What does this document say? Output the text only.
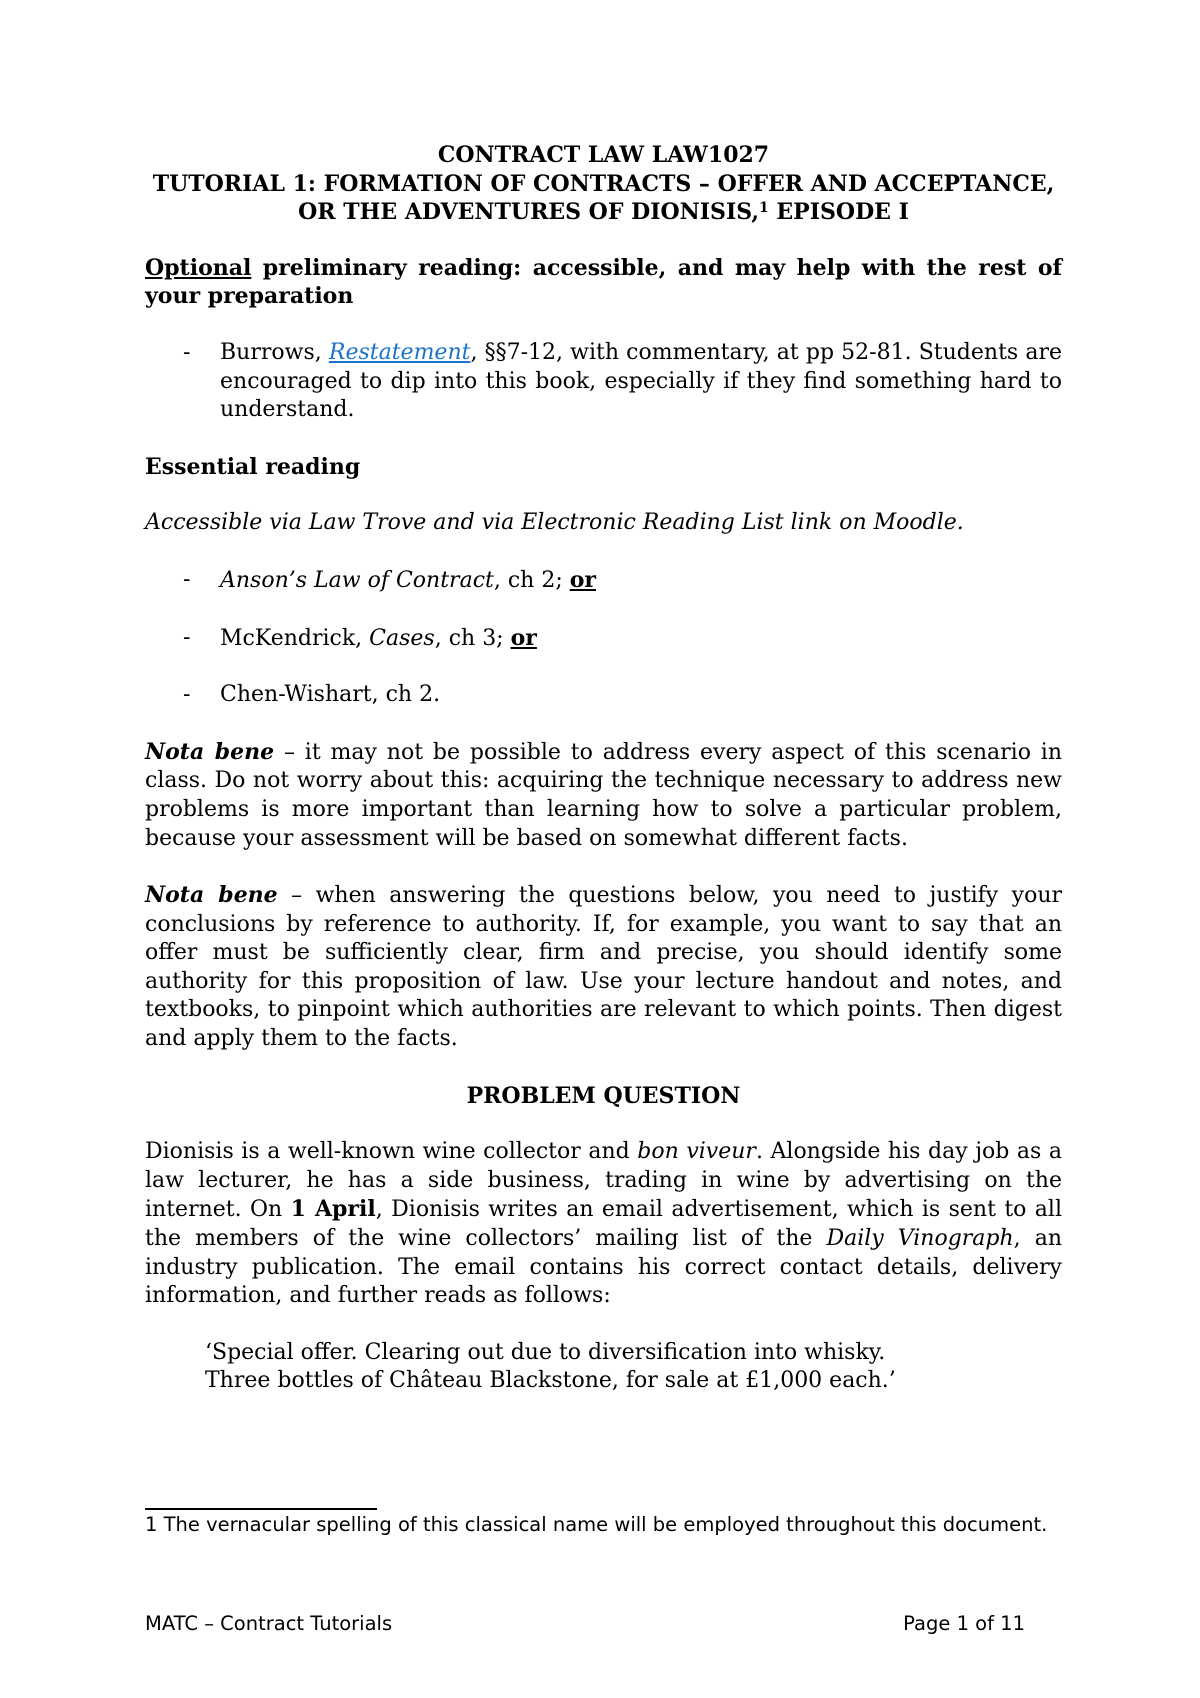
CONTRACT LAW LAW1027

TUTORIAL 1: FORMATION OF CONTRACTS – OFFER AND ACCEPTANCE,

OR THE ADVENTURES OF DIONISIS,$^1$ EPISODE I

Optional preliminary reading: accessible, and may help with the rest of your preparation

- Burrows, Restatement, §§7-12, with commentary, at pp 52-81. Students are encouraged to dip into this book, especially if they find something hard to understand.

Essential reading

Accessible via Law Trove and via Electronic Reading List link on Moodle.

- Anson’s Law of Contract, ch 2; or
- McKendrick, Cases, ch 3; or
- Chen-Wishart, ch 2.

Nota bene – it may not be possible to address every aspect of this scenario in class. Do not worry about this: acquiring the technique necessary to address new problems is more important than learning how to solve a particular problem, because your assessment will be based on somewhat different facts.

Nota bene – when answering the questions below, you need to justify your conclusions by reference to authority. If, for example, you want to say that an offer must be sufficiently clear, firm and precise, you should identify some authority for this proposition of law. Use your lecture handout and notes, and textbooks, to pinpoint which authorities are relevant to which points. Then digest and apply them to the facts.

PROBLEM QUESTION

Dionisis is a well-known wine collector and bon viveur. Alongside his day job as a law lecturer, he has a side business, trading in wine by advertising on the internet. On 1 April, Dionisis writes an email advertisement, which is sent to all the members of the wine collectors’ mailing list of the Daily Vinograph, an industry publication. The email contains his correct contact details, delivery information, and further reads as follows:

‘Special offer. Clearing out due to diversification into whisky.

Three bottles of Château Blackstone, for sale at £1,000 each.’

1 The vernacular spelling of this classical name will be employed throughout this document.

MATC – Contract Tutorials	Page 1 of 11
